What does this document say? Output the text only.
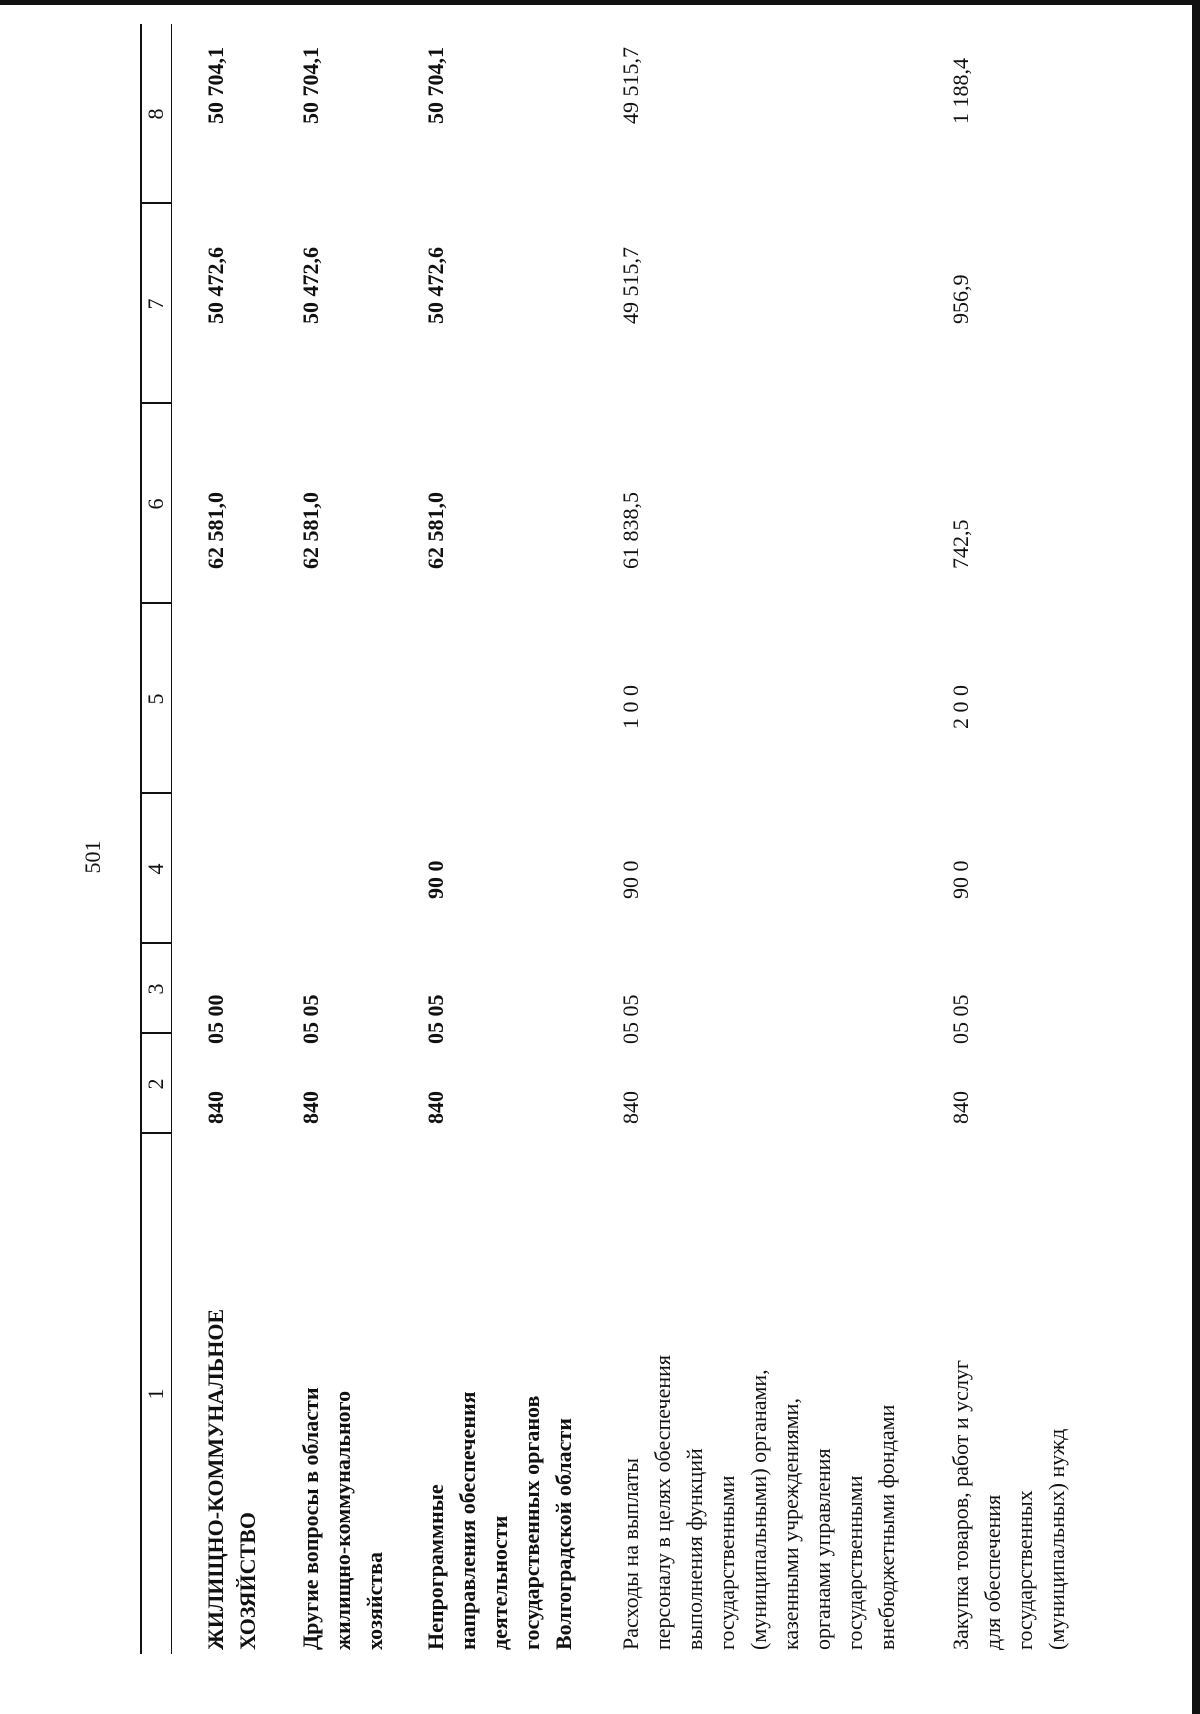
501
1
2
3
4
5
6
7
8
ЖИЛИЩНО-КОММУНАЛЬНОЕ ХОЗЯЙСТВО
840
05 00
62 581,0
50 472,6
50 704,1
Другие вопросы в области жилищно-коммунального хозяйства
840
05 05
62 581,0
50 472,6
50 704,1
Непрограммные направления обеспечения деятельности государственных органов Волгоградской области
840
05 05
90 0
62 581,0
50 472,6
50 704,1
Расходы на выплаты персоналу в целях обеспечения выполнения функций государственными (муниципальными) органами, казенными учреждениями, органами управления государственными внебюджетными фондами
840
05 05
90 0
1 0 0
61 838,5
49 515,7
49 515,7
Закупка товаров, работ и услуг для обеспечения государственных (муниципальных) нужд
840
05 05
90 0
2 0 0
742,5
956,9
1 188,4
